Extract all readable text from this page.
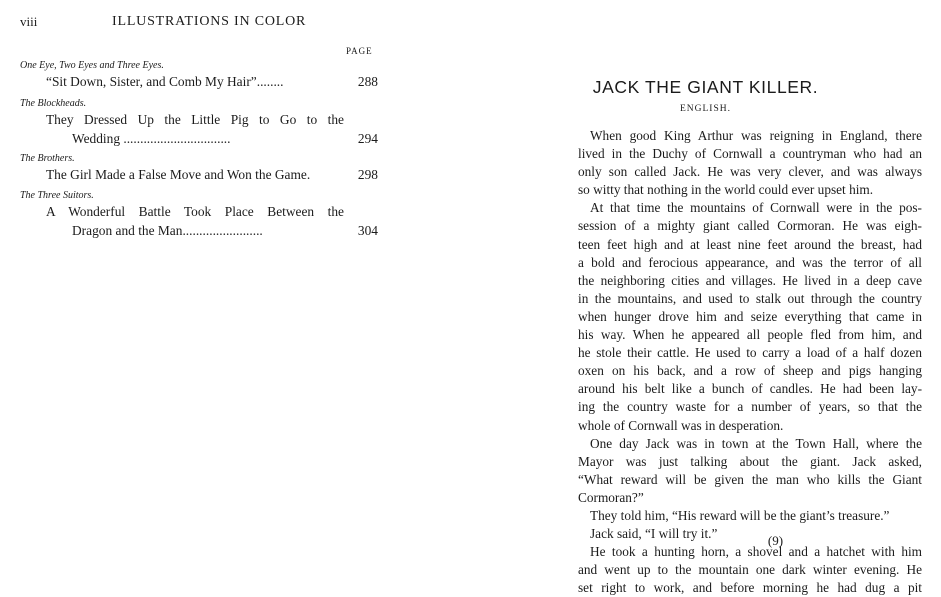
viii	ILLUSTRATIONS IN COLOR
PAGE
One Eye, Two Eyes and Three Eyes.
“Sit Down, Sister, and Comb My Hair”........	288
The Blockheads.
They Dressed Up the Little Pig to Go to the
Wedding ................................	294
The Brothers.
The Girl Made a False Move and Won the Game.	298
The Three Suitors.
A Wonderful Battle Took Place Between the
Dragon and the Man........................	304
JACK THE GIANT KILLER.
ENGLISH.
When good King Arthur was reigning in England, there
lived in the Duchy of Cornwall a countryman who had an
only son called Jack. He was very clever, and was always
so witty that nothing in the world could ever upset him.
At that time the mountains of Cornwall were in the pos-
session of a mighty giant called Cormoran. He was eigh-
teen feet high and at least nine feet around the breast, had
a bold and ferocious appearance, and was the terror of all
the neighboring cities and villages. He lived in a deep cave
in the mountains, and used to stalk out through the country
when hunger drove him and seize everything that came in
his way. When he appeared all people fled from him, and
he stole their cattle. He used to carry a load of a half dozen
oxen on his back, and a row of sheep and pigs hanging
around his belt like a bunch of candles. He had been lay-
ing the country waste for a number of years, so that the
whole of Cornwall was in desperation.
One day Jack was in town at the Town Hall, where the
Mayor was just talking about the giant. Jack asked,
“What reward will be given the man who kills the Giant
Cormoran?”
They told him, “His reward will be the giant’s treasure.”
Jack said, “I will try it.”
He took a hunting horn, a shovel and a hatchet with him
and went up to the mountain one dark winter evening. He
set right to work, and before morning he had dug a pit
(9)
